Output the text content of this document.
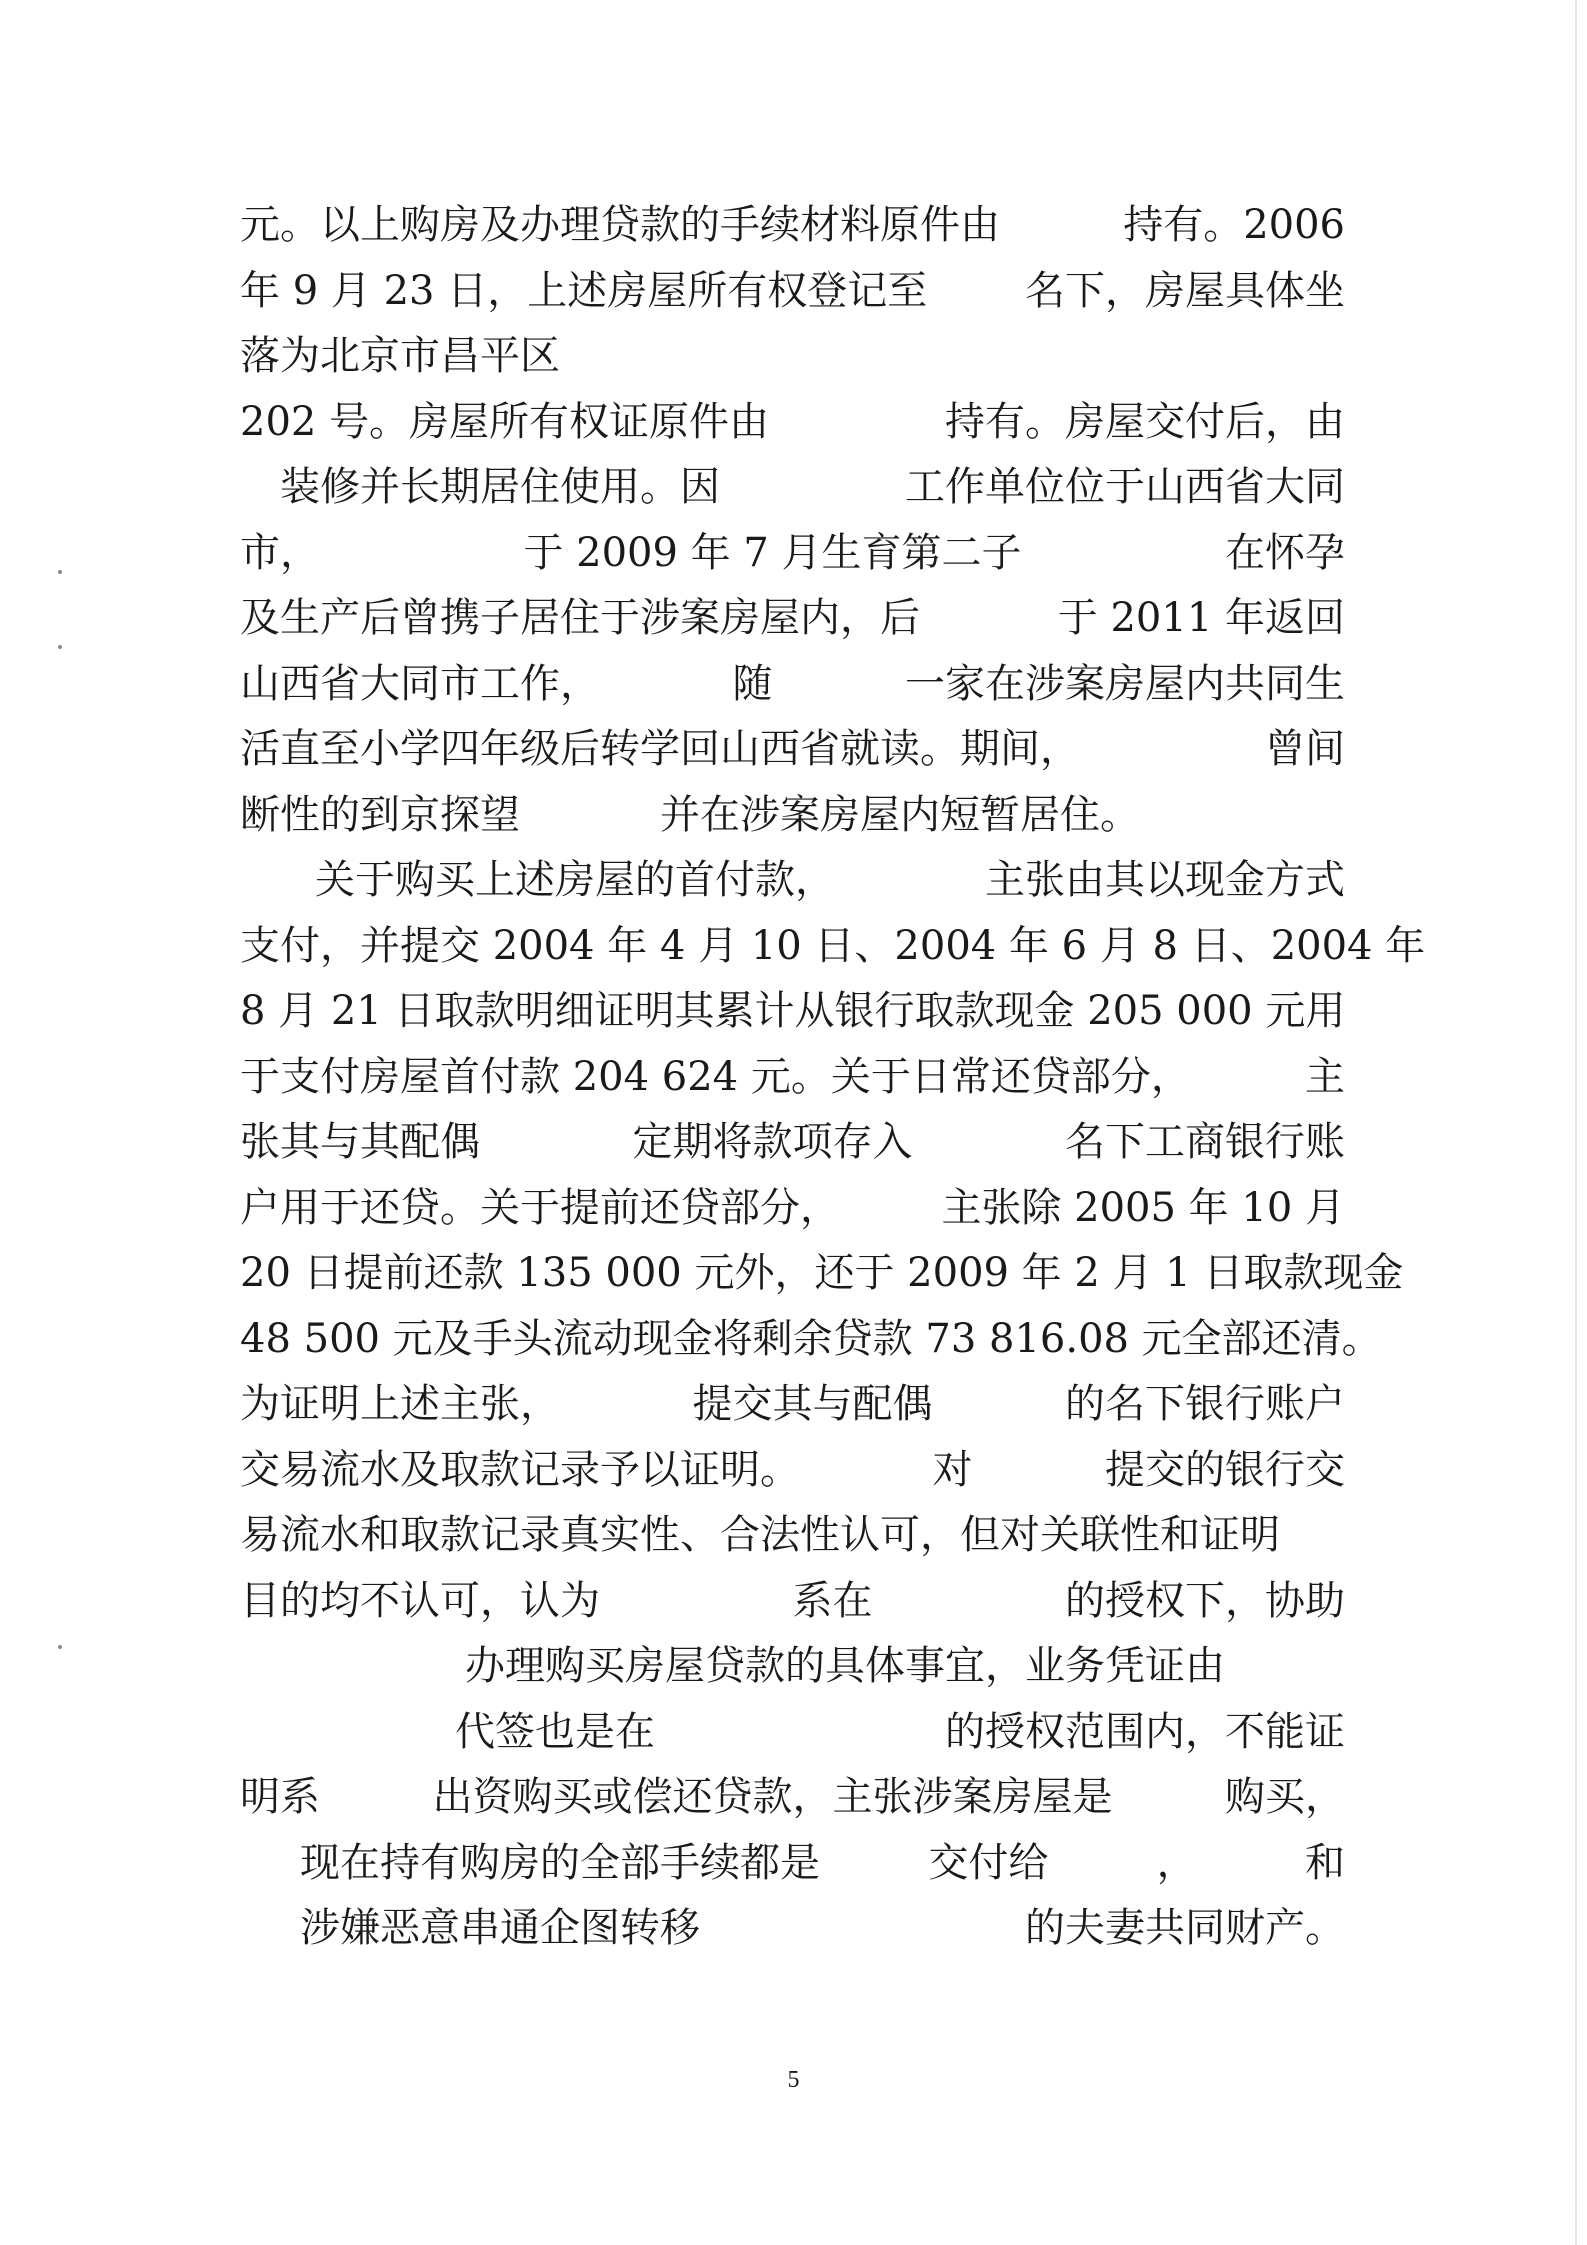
元。以上购房及办理贷款的手续材料原件由	持有。2006
年 9 月 23 日，上述房屋所有权登记至 名下，房屋具体坐
落为北京市昌平区
202 号。房屋所有权证原件由	持有。房屋交付后，由
装修并长期居住使用。因	工作单位位于山西省大同
市，	于 2009 年 7 月生育第二子	在怀孕
及生产后曾携子居住于涉案房屋内，后	于 2011 年返回
山西省大同市工作，	随	一家在涉案房屋内共同生
活直至小学四年级后转学回山西省就读。期间，	曾间
断性的到京探望	并在涉案房屋内短暂居住。
关于购买上述房屋的首付款，	主张由其以现金方式
支付，并提交 2004 年 4 月 10 日、2004 年 6 月 8 日、2004 年
8 月 21 日取款明细证明其累计从银行取款现金 205 000 元用
于支付房屋首付款 204 624 元。关于日常还贷部分，	主
张其与其配偶	定期将款项存入	名下工商银行账
户用于还贷。关于提前还贷部分，	主张除 2005 年 10 月
20 日提前还款 135 000 元外，还于 2009 年 2 月 1 日取款现金
48 500 元及手头流动现金将剩余贷款 73 816.08 元全部还清。
为证明上述主张，	提交其与配偶	的名下银行账户
交易流水及取款记录予以证明。	对	提交的银行交
易流水和取款记录真实性、合法性认可，但对关联性和证明
目的均不认可，认为	系在	的授权下，协助
办理购买房屋贷款的具体事宜，业务凭证由
代签也是在	的授权范围内，不能证
明系	出资购买或偿还贷款，主张涉案房屋是	购买，
现在持有购房的全部手续都是	交付给	，	和
涉嫌恶意串通企图转移	的夫妻共同财产。
5
